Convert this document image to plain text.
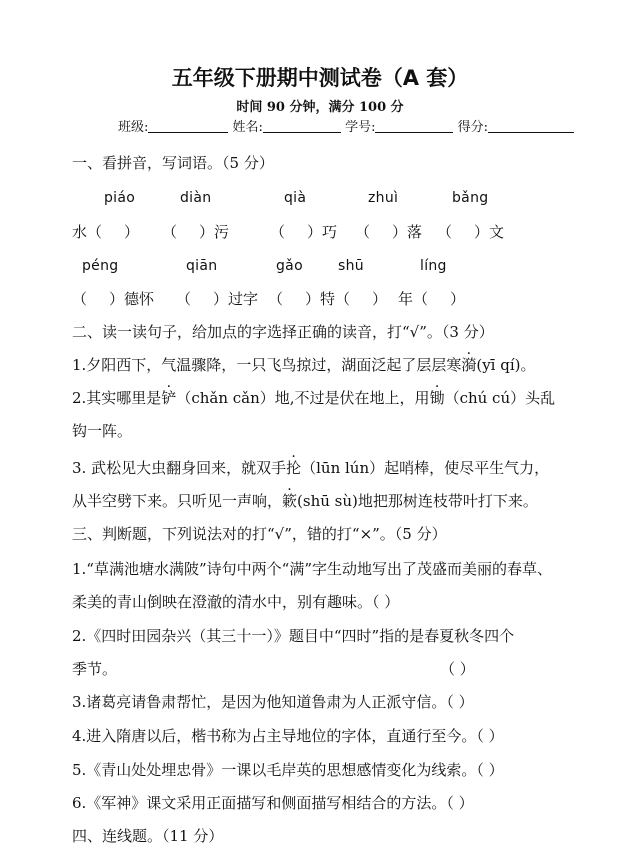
五年级下册期中测试卷（A 套）
时间 90 分钟，满分 100 分
班级:	姓名:	学号:	得分:
一、看拼音，写词语。（5 分）
piáo	diàn	qià	zhuì	bǎng
水（ ） （ ）污	（ ）巧 （ ）落 （ ）文
péng	qiān	gǎo	shū	líng
（ ）德怀 （ ）过字 （ ）特（ ） 年（ ）
二、读一读句子，给加点的字选择正确的读音，打“√”。（3 分）
1.夕阳西下，气温骤降，一只飞鸟掠过，湖面泛起了层层寒漪(yī qí)。
2.其实哪里是铲（chǎn cǎn）地,不过是伏在地上，用锄（chú cú）头乱
钩一阵。
3. 武松见大虫翻身回来，就双手抡（lūn lún）起哨棒，使尽平生气力，
从半空劈下来。只听见一声响，簌(shū sù)地把那树连枝带叶打下来。
三、判断题，下列说法对的打“√”，错的打“×”。（5 分）
1.“草满池塘水满陂”诗句中两个“满”字生动地写出了茂盛而美丽的春草、
柔美的青山倒映在澄澈的清水中，别有趣味。（ ）
2.《四时田园杂兴（其三十一）》题目中“四时”指的是春夏秋冬四个
季节。	（ ）
3.诸葛亮请鲁肃帮忙，是因为他知道鲁肃为人正派守信。（ ）
4.进入隋唐以后，楷书称为占主导地位的字体，直通行至今。（ ）
5.《青山处处埋忠骨》一课以毛岸英的思想感情变化为线索。（ ）
6.《军神》课文采用正面描写和侧面描写相结合的方法。（ ）
四、连线题。（11 分）
